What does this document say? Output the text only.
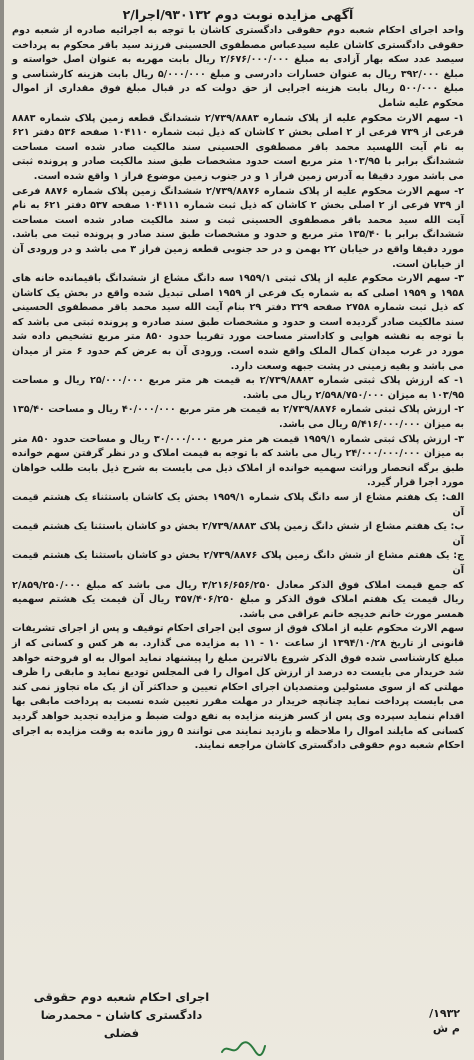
آگهی مزایده نوبت دوم ۹۳۰۱۳۲/اجرا/۲

واحد اجرای احکام شعبه دوم حقوقی دادگستری کاشان با توجه به اجرائیه صادره از شعبه دوم حقوقی دادگستری کاشان علیه سیدعباس مصطفوی الحسینی فرزند سید باقر محکوم به پرداخت سیصد عدد سکه بهار آزادی به مبلغ ۲/۶۷۶/۰۰۰/۰۰۰ ریال بابت مهریه به عنوان اصل خواسته و مبلغ ۳۹۲/۰۰۰ ریال به عنوان خسارات دادرسی و مبلغ ۵/۰۰۰/۰۰۰ ریال بابت هزینه کارشناسی و مبلغ ۵۰۰/۰۰۰ ریال بابت هزینه اجرایی از حق دولت که در قبال مبلغ فوق مقداری از اموال محکوم علیه شامل

۱- سهم الارث محکوم علیه از پلاک شماره ۲/۷۳۹/۸۸۸۳ ششدانگ قطعه زمین پلاک شماره ۸۸۸۳ فرعی از ۷۳۹ فرعی از ۲ اصلی بخش ۲ کاشان که ذیل ثبت شماره ۱۰۴۱۱۰ صفحه ۵۳۶ دفتر ۶۲۱ به نام آیت اللهسید محمد باقر مصطفوی الحسینی سند مالکیت صادر شده است مساحت ششدانگ برابر با ۱۰۳/۹۵ متر مربع است حدود مشخصات طبق سند مالکیت صادر و پرونده ثبتی می باشد مورد دقیقا به آدرس زمین فراز ۱ و در جنوب زمین موضوع فراز ۱ واقع شده است.

۲- سهم الارث محکوم علیه از پلاک شماره ۲/۷۳۹/۸۸۷۶ ششدانگ زمین پلاک شماره ۸۸۷۶ فرعی از ۷۳۹ فرعی از ۲ اصلی بخش ۲ کاشان که ذیل ثبت شماره ۱۰۴۱۱۱ صفحه ۵۳۷ دفتر ۶۲۱ به نام آیت الله سید محمد باقر مصطفوی الحسینی ثبت و سند مالکیت صادر شده است مساحت ششدانگ برابر با ۱۳۵/۴۰ متر مربع و حدود و مشخصات طبق سند صادر و پرونده ثبت می باشد. مورد دقیقا واقع در خیابان ۲۲ بهمن و در حد جنوبی قطعه زمین فراز ۳ می باشد و در ورودی آن از خیابان است.

۳- سهم الارث محکوم علیه از پلاک ثبتی ۱۹۵۹/۱ سه دانگ مشاع از ششدانگ باقیمانده خانه های ۱۹۵۸ و ۱۹۵۹ اصلی که به شماره یک فرعی از ۱۹۵۹ اصلی تبدیل شده واقع در بخش یک کاشان که ذیل ثبت شماره ۲۷۵۸ صفحه ۳۲۹ دفتر ۲۹ بنام آیت الله سید محمد باقر مصطفوی الحسینی سند مالکیت صادر گردیده است و حدود و مشخصات طبق سند صادره و پرونده ثبتی می باشد که با توجه به نقشه هوایی و کاداستر مساحت مورد تقریبا حدود ۸۵۰ متر مربع تشخیص داده شد مورد در غرب میدان کمال الملک واقع شده است. ورودی آن به عرض کم حدود ۶ متر از میدان می باشد و بقیه زمینی در پشت جبهه وسعت دارد.

۱- که ارزش پلاک ثبتی شماره ۲/۷۳۹/۸۸۸۳ به قیمت هر متر مربع ۲۵/۰۰۰/۰۰۰ ریال و مساحت ۱۰۳/۹۵ به میزان ۲/۵۹۸/۷۵۰/۰۰۰ ریال می باشد.

۲- ارزش پلاک ثبتی شماره ۲/۷۳۹/۸۸۷۶ به قیمت هر متر مربع ۴۰/۰۰۰/۰۰۰ ریال و مساحت ۱۳۵/۴۰ به میزان ۵/۴۱۶/۰۰۰/۰۰۰ ریال می باشد.

۳- ارزش پلاک ثبتی شماره ۱۹۵۹/۱ قیمت هر متر مربع ۳۰/۰۰۰/۰۰۰ ریال و مساحت حدود ۸۵۰ متر به میزان ۲۴/۰۰۰/۰۰۰/۰۰۰ ریال می باشد که با توجه به قیمت املاک و در نظر گرفتن سهم خوانده طبق برگه انحصار وراثت سهمیه خوانده از املاک ذیل می بایست به شرح ذیل بابت طلب خواهان مورد اجرا قرار گیرد.

الف: یک هفتم مشاع از سه دانگ پلاک شماره ۱۹۵۹/۱ بخش یک کاشان باستثناء یک هشتم قیمت آن

ب: یک هفتم مشاع از شش دانگ زمین پلاک ۲/۷۳۹/۸۸۸۳ بخش دو کاشان باستثنا یک هشتم قیمت آن

ج: یک هفتم مشاع از شش دانگ زمین پلاک ۲/۷۳۹/۸۸۷۶ بخش دو کاشان باستثنا یک هشتم قیمت آن

که جمع قیمت املاک فوق الذکر معادل ۳/۲۱۶/۶۵۶/۲۵۰ ریال می باشد که مبلغ ۲/۸۵۹/۲۵۰/۰۰۰ ریال قیمت یک هفتم املاک فوق الذکر و مبلغ ۳۵۷/۴۰۶/۲۵۰ ریال آن قیمت یک هشتم سهمیه همسر مورث خانم خدیجه خانم عراقی می باشد.

سهم الارث محکوم علیه از املاک فوق از سوی این اجرای احکام توقیف و پس از اجرای تشریفات قانونی از تاریخ ۱۳۹۴/۱۰/۲۸ از ساعت ۱۰ - ۱۱ به مزایده می گذارد. به هر کس و کسانی که از مبلغ کارشناسی شده فوق الذکر شروع بالاترین مبلغ را پیشنهاد نماید اموال به او فروخته خواهد شد خریدار می بایست ده درصد از ارزش کل اموال را فی المجلس تودیع نماید و مابقی را ظرف مهلتی که از سوی مسئولین ومتصدیان اجرای احکام تعیین و حداکثر آن از یک ماه تجاوز نمی کند می بایست پرداخت نماید چنانچه خریدار در مهلت مقرر تعیین شده نسبت به پرداخت مابقی بها اقدام ننماید سپرده وی پس از کسر هزینه مزایده به نفع دولت ضبط و مزایده تجدید خواهد گردید کسانی که مایلند اموال را ملاحظه و بازدید نمایند می توانند ۵ روز مانده به وقت مزایده به اجرای احکام شعبه دوم حقوقی دادگستری کاشان مراجعه نمایند.

اجرای احکام شعبه دوم حقوقی
دادگستری کاشان - محمدرضا فضلی
۱۹۳۲/
م ش
